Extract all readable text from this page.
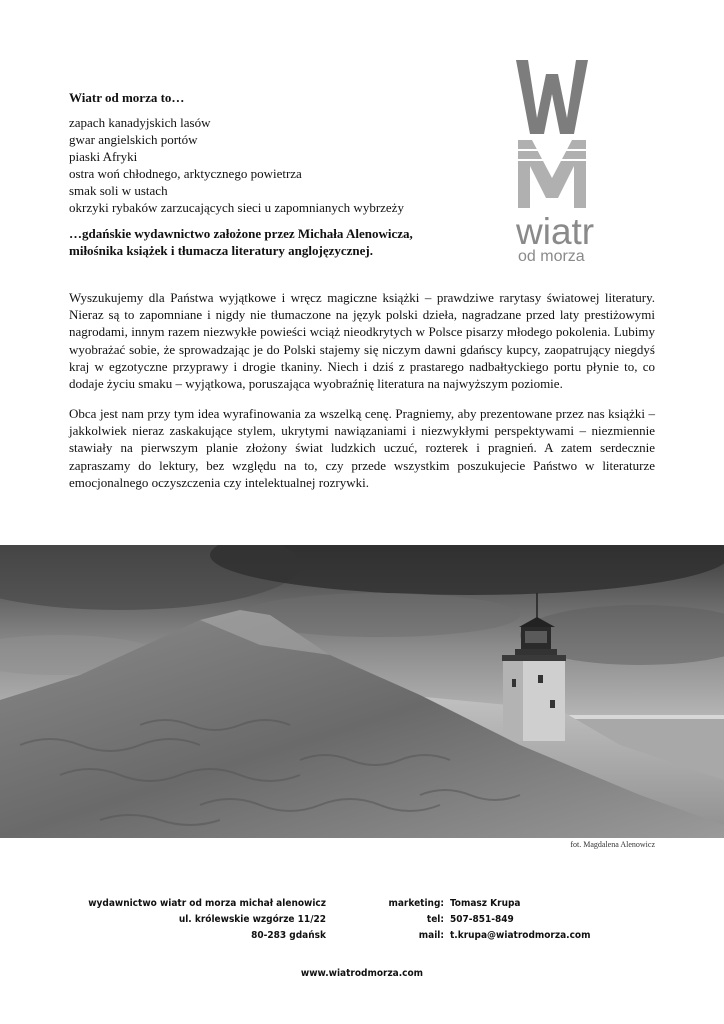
Wiatr od morza to…
zapach kanadyjskich lasów
gwar angielskich portów
piaski Afryki
ostra woń chłodnego, arktycznego powietrza
smak soli w ustach
okrzyki rybaków zarzucających sieci u zapomnianych wybrzeży
…gdańskie wydawnictwo założone przez Michała Alenowicza,
miłośnika książek i tłumacza literatury anglojęzycznej.	wiatr
od morza
Wyszukujemy dla Państwa wyjątkowe i wręcz magiczne książki – prawdziwe rarytasy światowej literatury. Nieraz są to zapomniane i nigdy nie tłumaczone na język polski dzieła, nagradzane przed laty prestiżowymi nagrodami, innym razem niezwykłe powieści wciąż nieodkrytych w Polsce pisarzy młodego pokolenia. Lubimy wyobrażać sobie, że sprowadzając je do Polski stajemy się niczym dawni gdańscy kupcy, zaopatrujący niegdyś kraj w egzotyczne przyprawy i drogie tkaniny. Niech i dziś z prastarego nadbałtyckiego portu płynie to, co dodaje życiu smaku – wyjątkowa, poruszająca wyobraźnię literatura na najwyższym poziomie.
Obca jest nam przy tym idea wyrafinowania za wszelką cenę. Pragniemy, aby prezentowane przez nas książki – jakkolwiek nieraz zaskakujące stylem, ukrytymi nawiązaniami i niezwykłymi perspektywami – niezmiennie stawiały na pierwszym planie złożony świat ludzkich uczuć, rozterek i pragnień. A zatem serdecznie zapraszamy do lektury, bez względu na to, czy przede wszystkim poszukujecie Państwo w literaturze emocjonalnego oczyszczenia czy intelektualnej rozrywki.
fot. Magdalena Alenowicz
wydawnictwo wiatr od morza michał alenowicz
ul. królewskie wzgórze 11/22
80-283 gdańsk
marketing: Tomasz Krupa
tel: 507-851-849
mail: t.krupa@wiatrodmorza.com
www.wiatrodmorza.com
